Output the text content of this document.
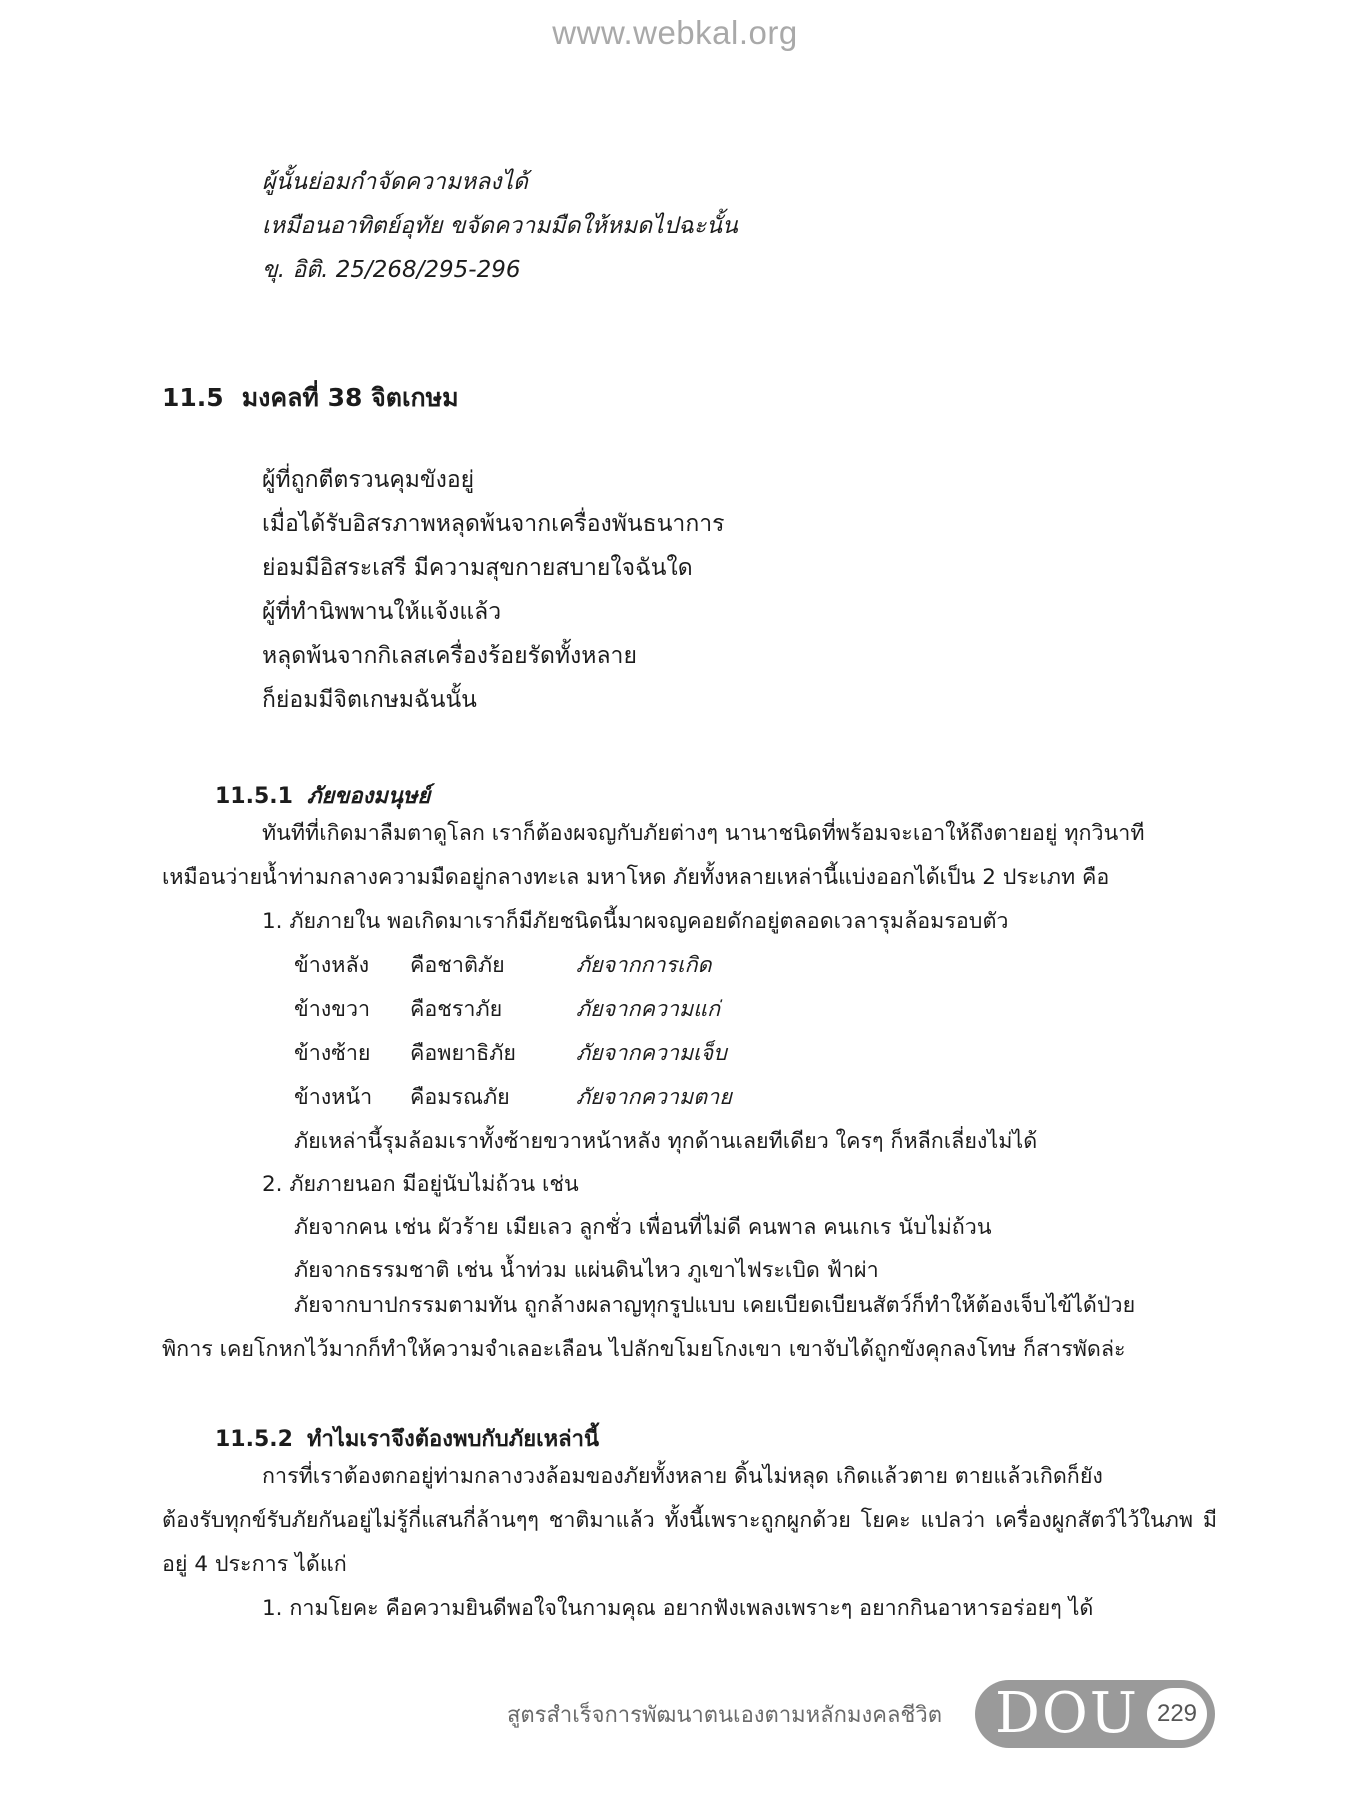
www.webkal.org
ผู้นั้นย่อมกำจัดความหลงได้
เหมือนอาทิตย์อุทัย ขจัดความมืดให้หมดไปฉะนั้น
ขุ. อิติ. 25/268/295-296
11.5 มงคลที่ 38 จิตเกษม
ผู้ที่ถูกตีตรวนคุมขังอยู่
เมื่อได้รับอิสรภาพหลุดพ้นจากเครื่องพันธนาการ
ย่อมมีอิสระเสรี มีความสุขกายสบายใจฉันใด
ผู้ที่ทำนิพพานให้แจ้งแล้ว
หลุดพ้นจากกิเลสเครื่องร้อยรัดทั้งหลาย
ก็ย่อมมีจิตเกษมฉันนั้น
11.5.1 ภัยของมนุษย์
ทันทีที่เกิดมาลืมตาดูโลก เราก็ต้องผจญกับภัยต่างๆ นานาชนิดที่พร้อมจะเอาให้ถึงตายอยู่ ทุกวินาที
เหมือนว่ายน้ำท่ามกลางความมืดอยู่กลางทะเล มหาโหด ภัยทั้งหลายเหล่านี้แบ่งออกได้เป็น 2 ประเภท คือ
1. ภัยภายใน พอเกิดมาเราก็มีภัยชนิดนี้มาผจญคอยดักอยู่ตลอดเวลารุมล้อมรอบตัว
ข้างหลัง	คือชาติภัย	ภัยจากการเกิด
ข้างขวา	คือชราภัย	ภัยจากความแก่
ข้างซ้าย	คือพยาธิภัย	ภัยจากความเจ็บ
ข้างหน้า	คือมรณภัย	ภัยจากความตาย
ภัยเหล่านี้รุมล้อมเราทั้งซ้ายขวาหน้าหลัง ทุกด้านเลยทีเดียว ใครๆ ก็หลีกเลี่ยงไม่ได้
2. ภัยภายนอก มีอยู่นับไม่ถ้วน เช่น
ภัยจากคน เช่น ผัวร้าย เมียเลว ลูกชั่ว เพื่อนที่ไม่ดี คนพาล คนเกเร นับไม่ถ้วน
ภัยจากธรรมชาติ เช่น น้ำท่วม แผ่นดินไหว ภูเขาไฟระเบิด ฟ้าผ่า
ภัยจากบาปกรรมตามทัน ถูกล้างผลาญทุกรูปแบบ เคยเบียดเบียนสัตว์ก็ทำให้ต้องเจ็บไข้ได้ป่วย
พิการ เคยโกหกไว้มากก็ทำให้ความจำเลอะเลือน ไปลักขโมยโกงเขา เขาจับได้ถูกขังคุกลงโทษ ก็สารพัดล่ะ
11.5.2 ทำไมเราจึงต้องพบกับภัยเหล่านี้
การที่เราต้องตกอยู่ท่ามกลางวงล้อมของภัยทั้งหลาย ดิ้นไม่หลุด เกิดแล้วตาย ตายแล้วเกิดก็ยัง
ต้องรับทุกข์รับภัยกันอยู่ไม่รู้กี่แสนกี่ล้านๆๆ ชาติมาแล้ว ทั้งนี้เพราะถูกผูกด้วย โยคะ แปลว่า เครื่องผูกสัตว์ไว้ในภพ มีอยู่ 4 ประการ ได้แก่
1. กามโยคะ คือความยินดีพอใจในกามคุณ อยากฟังเพลงเพราะๆ อยากกินอาหารอร่อยๆ ได้
สูตรสำเร็จการพัฒนาตนเองตามหลักมงคลชีวิต DOU 229
